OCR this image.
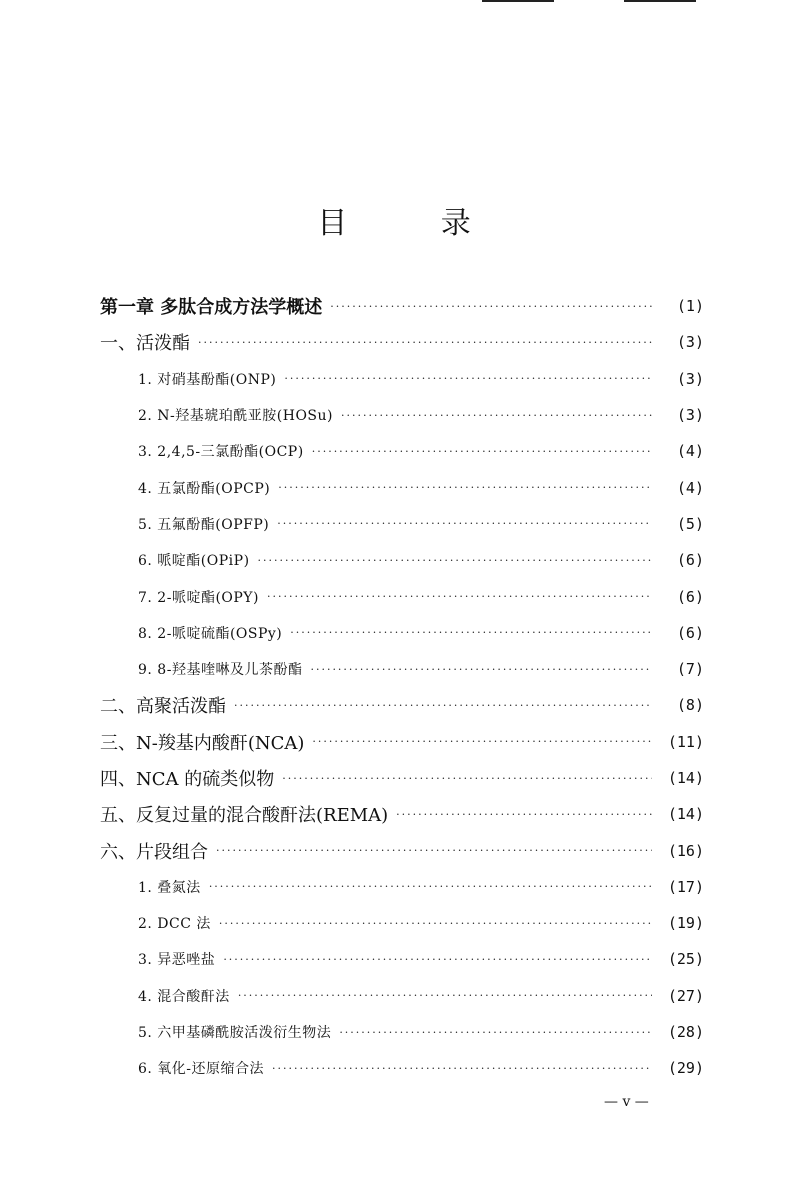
目 录
第一章 多肽合成方法学概述 ·····	(1)
一、活泼酯 ·····	(3)
1. 对硝基酚酯(ONP) ·····	(3)
2. N-羟基琥珀酰亚胺(HOSu) ·····	(3)
3. 2,4,5-三氯酚酯(OCP) ·····	(4)
4. 五氯酚酯(OPCP) ·····	(4)
5. 五氟酚酯(OPFP) ·····	(5)
6. 哌啶酯(OPiP) ·····	(6)
7. 2-哌啶酯(OPY) ·····	(6)
8. 2-哌啶硫酯(OSPy) ·····	(6)
9. 8-羟基喹啉及儿茶酚酯 ·····	(7)
二、高聚活泼酯 ·····	(8)
三、N-羧基内酸酐(NCA) ·····	(11)
四、NCA 的硫类似物 ·····	(14)
五、反复过量的混合酸酐法(REMA) ·····	(14)
六、片段组合 ·····	(16)
1. 叠氮法 ·····	(17)
2. DCC 法 ·····	(19)
3. 异恶唑盐 ·····	(25)
4. 混合酸酐法 ·····	(27)
5. 六甲基磷酰胺活泼衍生物法 ·····	(28)
6. 氧化-还原缩合法 ·····	(29)
— v —
